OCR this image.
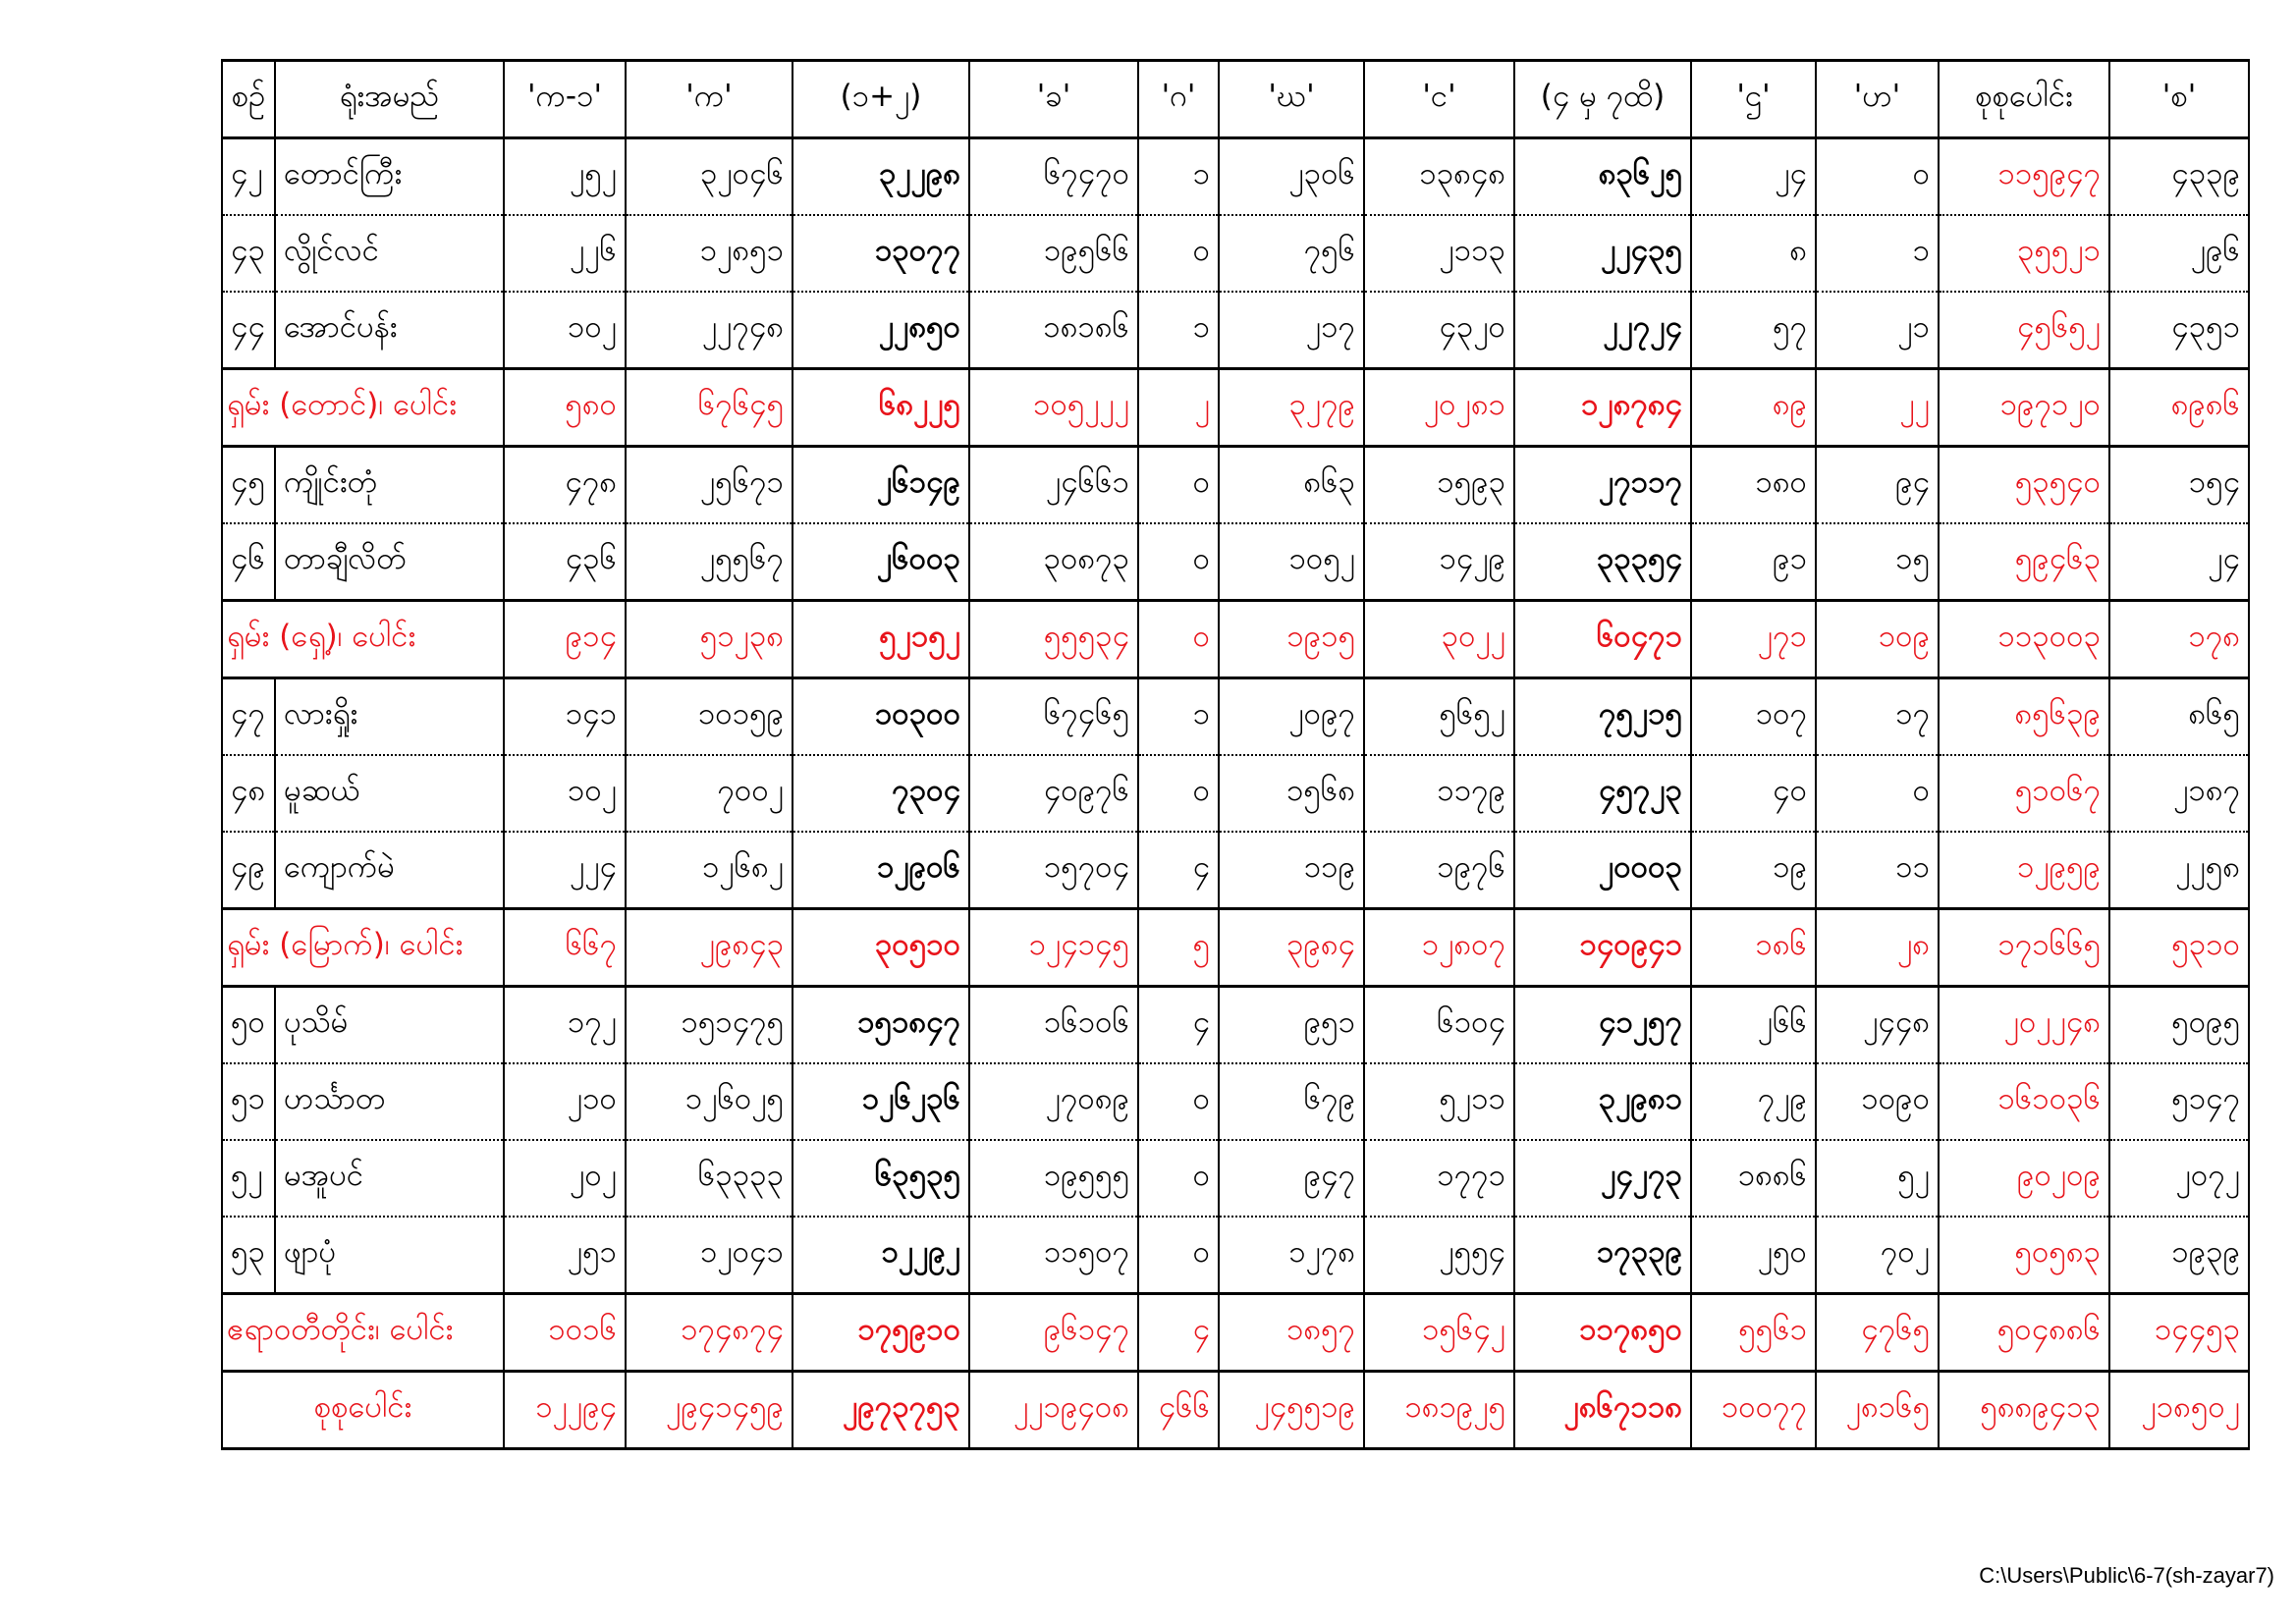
စဉ်	ရုံးအမည်	'က-၁'	'က'	(၁+၂)	'ခ'	'ဂ'	'ဃ'	'င'	(၄ မှ ၇ထိ)	'ဌ'	'ဟ'	စုစုပေါင်း	'စ'
၄၂	တောင်ကြီး	၂၅၂	၃၂၀၄၆	၃၂၂၉၈	၆၇၄၇၀	၁	၂၃၀၆	၁၃၈၄၈	၈၃၆၂၅	၂၄	၀	၁၁၅၉၄၇	၄၃၃၉
၄၃	လွိုင်လင်	၂၂၆	၁၂၈၅၁	၁၃၀၇၇	၁၉၅၆၆	၀	၇၅၆	၂၁၁၃	၂၂၄၃၅	၈	၁	၃၅၅၂၁	၂၉၆
၄၄	အောင်ပန်း	၁၀၂	၂၂၇၄၈	၂၂၈၅၀	၁၈၁၈၆	၁	၂၁၇	၄၃၂၀	၂၂၇၂၄	၅၇	၂၁	၄၅၆၅၂	၄၃၅၁
ရှမ်း (တောင်)၊ ပေါင်း		၅၈၀	၆၇၆၄၅	၆၈၂၂၅	၁၀၅၂၂၂	၂	၃၂၇၉	၂၀၂၈၁	၁၂၈၇၈၄	၈၉	၂၂	၁၉၇၁၂၀	၈၉၈၆
၄၅	ကျိုင်းတုံ	၄၇၈	၂၅၆၇၁	၂၆၁၄၉	၂၄၆၆၁	၀	၈၆၃	၁၅၉၃	၂၇၁၁၇	၁၈၀	၉၄	၅၃၅၄၀	၁၅၄
၄၆	တာချီလိတ်	၄၃၆	၂၅၅၆၇	၂၆၀၀၃	၃၀၈၇၃	၀	၁၀၅၂	၁၄၂၉	၃၃၃၅၄	၉၁	၁၅	၅၉၄၆၃	၂၄
ရှမ်း (ရှေ့)၊ ပေါင်း		၉၁၄	၅၁၂၃၈	၅၂၁၅၂	၅၅၅၃၄	၀	၁၉၁၅	၃၀၂၂	၆၀၄၇၁	၂၇၁	၁၀၉	၁၁၃၀၀၃	၁၇၈
၄၇	လားရှိုး	၁၄၁	၁၀၁၅၉	၁၀၃၀၀	၆၇၄၆၅	၁	၂၀၉၇	၅၆၅၂	၇၅၂၁၅	၁၀၇	၁၇	၈၅၆၃၉	၈၆၅
၄၈	မူဆယ်	၁၀၂	၇၀၀၂	၇၃၀၄	၄၀၉၇၆	၀	၁၅၆၈	၁၁၇၉	၄၅၇၂၃	၄၀	၀	၅၁၀၆၇	၂၁၈၇
၄၉	ကျောက်မဲ	၂၂၄	၁၂၆၈၂	၁၂၉၀၆	၁၅၇၀၄	၄	၁၁၉	၁၉၇၆	၂၀၀၀၃	၁၉	၁၁	၁၂၉၅၉	၂၂၅၈
ရှမ်း (မြောက်)၊ ပေါင်း		၆၆၇	၂၉၈၄၃	၃၀၅၁၀	၁၂၄၁၄၅	၅	၃၉၈၄	၁၂၈၀၇	၁၄၀၉၄၁	၁၈၆	၂၈	၁၇၁၆၆၅	၅၃၁၀
၅၀	ပုသိမ်	၁၇၂	၁၅၁၄၇၅	၁၅၁၈၄၇	၁၆၁၀၆	၄	၉၅၁	၆၁၀၄	၄၁၂၅၇	၂၆၆	၂၄၄၈	၂၀၂၂၄၈	၅၀၉၅
၅၁	ဟင်္သာတ	၂၁၀	၁၂၆၀၂၅	၁၂၆၂၃၆	၂၇၀၈၉	၀	၆၇၉	၅၂၁၁	၃၂၉၈၁	၇၂၉	၁၀၉၀	၁၆၁၀၃၆	၅၁၄၇
၅၂	မအူပင်	၂၀၂	၆၃၃၃၃	၆၃၅၃၅	၁၉၅၅၅	၀	၉၄၇	၁၇၇၁	၂၄၂၇၃	၁၈၈၆	၅၂	၉၀၂၀၉	၂၀၇၂
၅၃	ဖျာပုံ	၂၅၁	၁၂၀၄၁	၁၂၂၉၂	၁၁၅၀၇	၀	၁၂၇၈	၂၅၅၄	၁၇၃၃၉	၂၅၀	၇၀၂	၅၀၅၈၃	၁၉၃၉
ဧရာဝတီတိုင်း၊ ပေါင်း		၁၀၁၆	၁၇၄၈၇၄	၁၇၅၉၁၀	၉၆၁၄၇	၄	၁၈၅၇	၁၅၆၄၂	၁၁၇၈၅၀	၅၅၆၁	၄၇၆၅	၅၀၄၈၈၆	၁၄၄၅၃
စုစုပေါင်း		၁၂၂၉၄	၂၉၄၁၄၅၉	၂၉၇၃၇၅၃	၂၂၁၉၄၀၈	၄၆၆	၂၄၅၅၁၉	၁၈၁၉၂၅	၂၈၆၇၁၁၈	၁၀၀၇၇	၂၈၁၆၅	၅၈၈၉၄၁၃	၂၁၈၅၀၂
C:\Users\Public\6-7(sh-zayar7)
